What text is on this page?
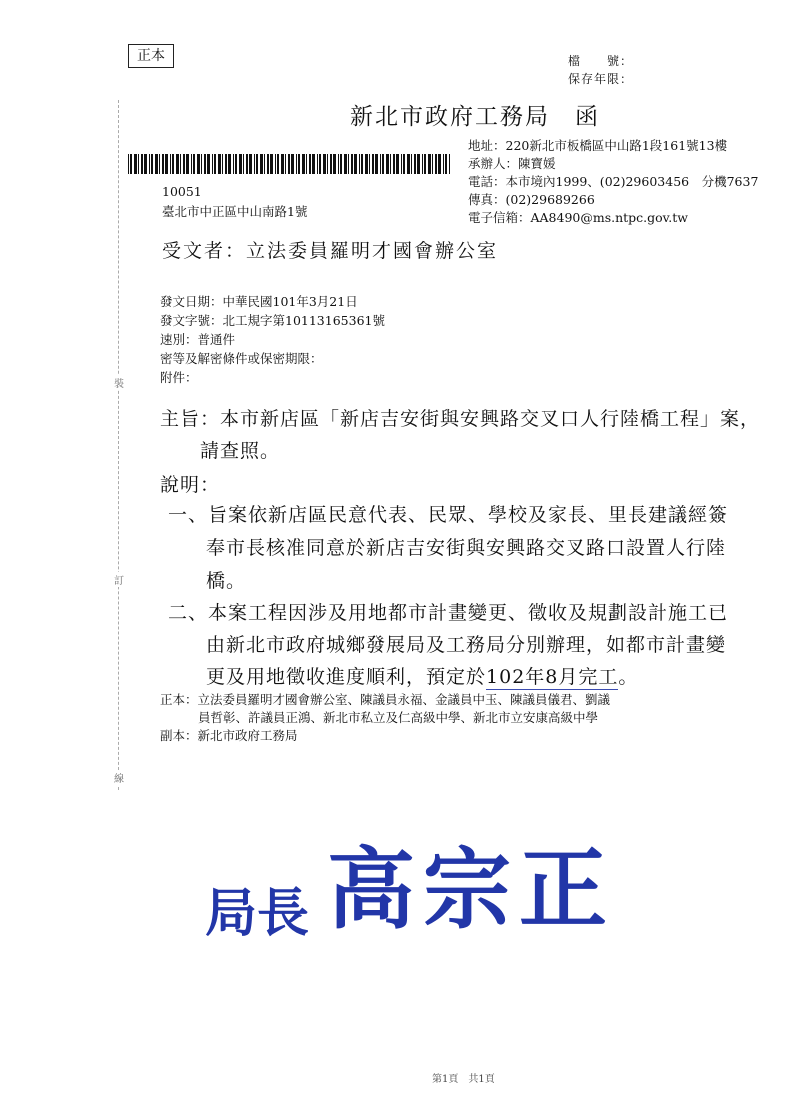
正本	檔　　號：
保存年限：
新北市政府工務局　函
地址：220新北市板橋區中山路1段161號13樓
承辦人：陳寶媛
電話：本市境內1999、(02)29603456　分機7637
傳真：(02)29689266
電子信箱：AA8490@ms.ntpc.gov.tw
10051
臺北市中正區中山南路1號
受文者：立法委員羅明才國會辦公室
發文日期：中華民國101年3月21日
發文字號：北工規字第10113165361號
速別：普通件
密等及解密條件或保密期限：
附件：
裝
訂
線
主旨：本市新店區「新店吉安街與安興路交叉口人行陸橋工程」案，
請查照。
說明：
一、旨案依新店區民意代表、民眾、學校及家長、里長建議經簽
奉市長核准同意於新店吉安街與安興路交叉路口設置人行陸
橋。
二、本案工程因涉及用地都市計畫變更、徵收及規劃設計施工已
由新北市政府城鄉發展局及工務局分別辦理，如都市計畫變
更及用地徵收進度順利，預定於102年8月完工。
正本：立法委員羅明才國會辦公室、陳議員永福、金議員中玉、陳議員儀君、劉議
員哲彰、許議員正鴻、新北市私立及仁高級中學、新北市立安康高級中學
副本：新北市政府工務局
局長 高宗正
第1頁　共1頁
